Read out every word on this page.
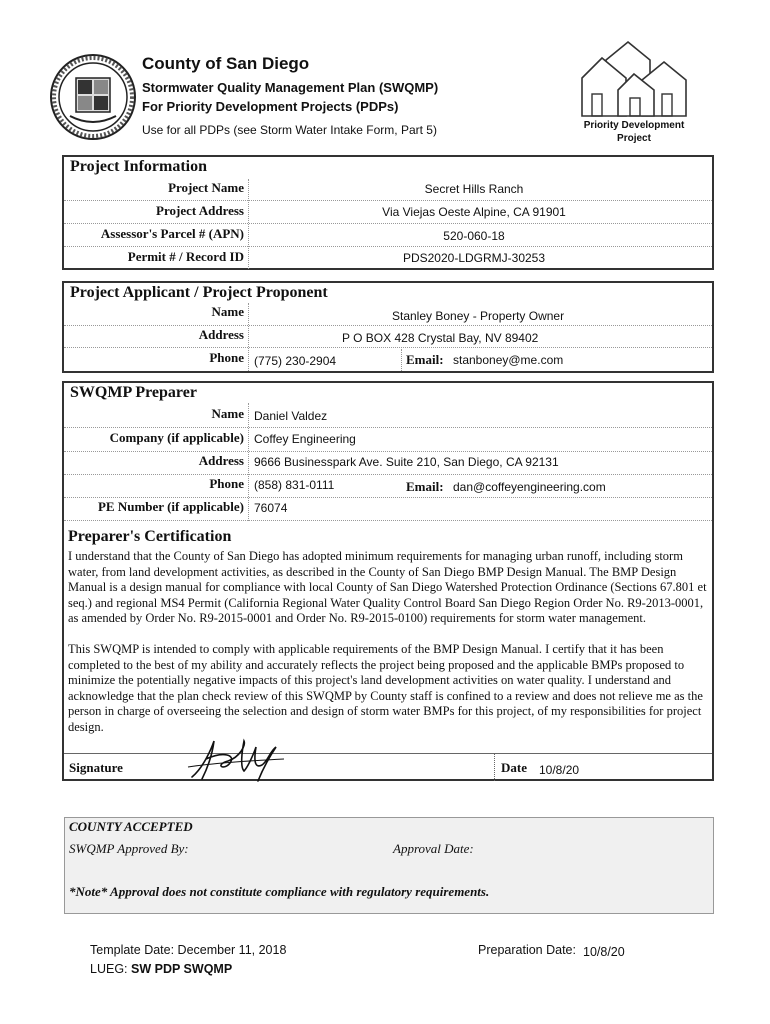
County of San Diego
Stormwater Quality Management Plan (SWQMP)
For Priority Development Projects (PDPs)
Use for all PDPs (see Storm Water Intake Form, Part 5)	Priority Development Project
Project Information
Project Name	Secret Hills Ranch
Project Address	Via Viejas Oeste Alpine, CA 91901
Assessor's Parcel # (APN)	520-060-18
Permit # / Record ID	PDS2020-LDGRMJ-30253
Project Applicant / Project Proponent
Name	Stanley Boney - Property Owner
Address	P O BOX 428 Crystal Bay, NV 89402
Phone (775) 230-2904	Email: stanboney@me.com
SWQMP Preparer
Name Daniel Valdez
Company (if applicable) Coffey Engineering
Address 9666 Businesspark Ave. Suite 210, San Diego, CA 92131
Phone (858) 831-0111	Email: dan@coffeyengineering.com
PE Number (if applicable) 76074
Preparer's Certification
I understand that the County of San Diego has adopted minimum requirements for managing urban runoff, including storm water, from land development activities, as described in the County of San Diego BMP Design Manual. The BMP Design Manual is a design manual for compliance with local County of San Diego Watershed Protection Ordinance (Sections 67.801 et seq.) and regional MS4 Permit (California Regional Water Quality Control Board San Diego Region Order No. R9-2013-0001, as amended by Order No. R9-2015-0001 and Order No. R9-2015-0100) requirements for storm water management.
This SWQMP is intended to comply with applicable requirements of the BMP Design Manual. I certify that it has been completed to the best of my ability and accurately reflects the project being proposed and the applicable BMPs proposed to minimize the potentially negative impacts of this project's land development activities on water quality. I understand and acknowledge that the plan check review of this SWQMP by County staff is confined to a review and does not relieve me as the person in charge of overseeing the selection and design of storm water BMPs for this project, of my responsibilities for project design.
Signature	Date 10/8/20
COUNTY ACCEPTED
SWQMP Approved By:	Approval Date:
*Note* Approval does not constitute compliance with regulatory requirements.
Template Date: December 11, 2018
LUEG: SW PDP SWQMP
Preparation Date: 10/8/20
